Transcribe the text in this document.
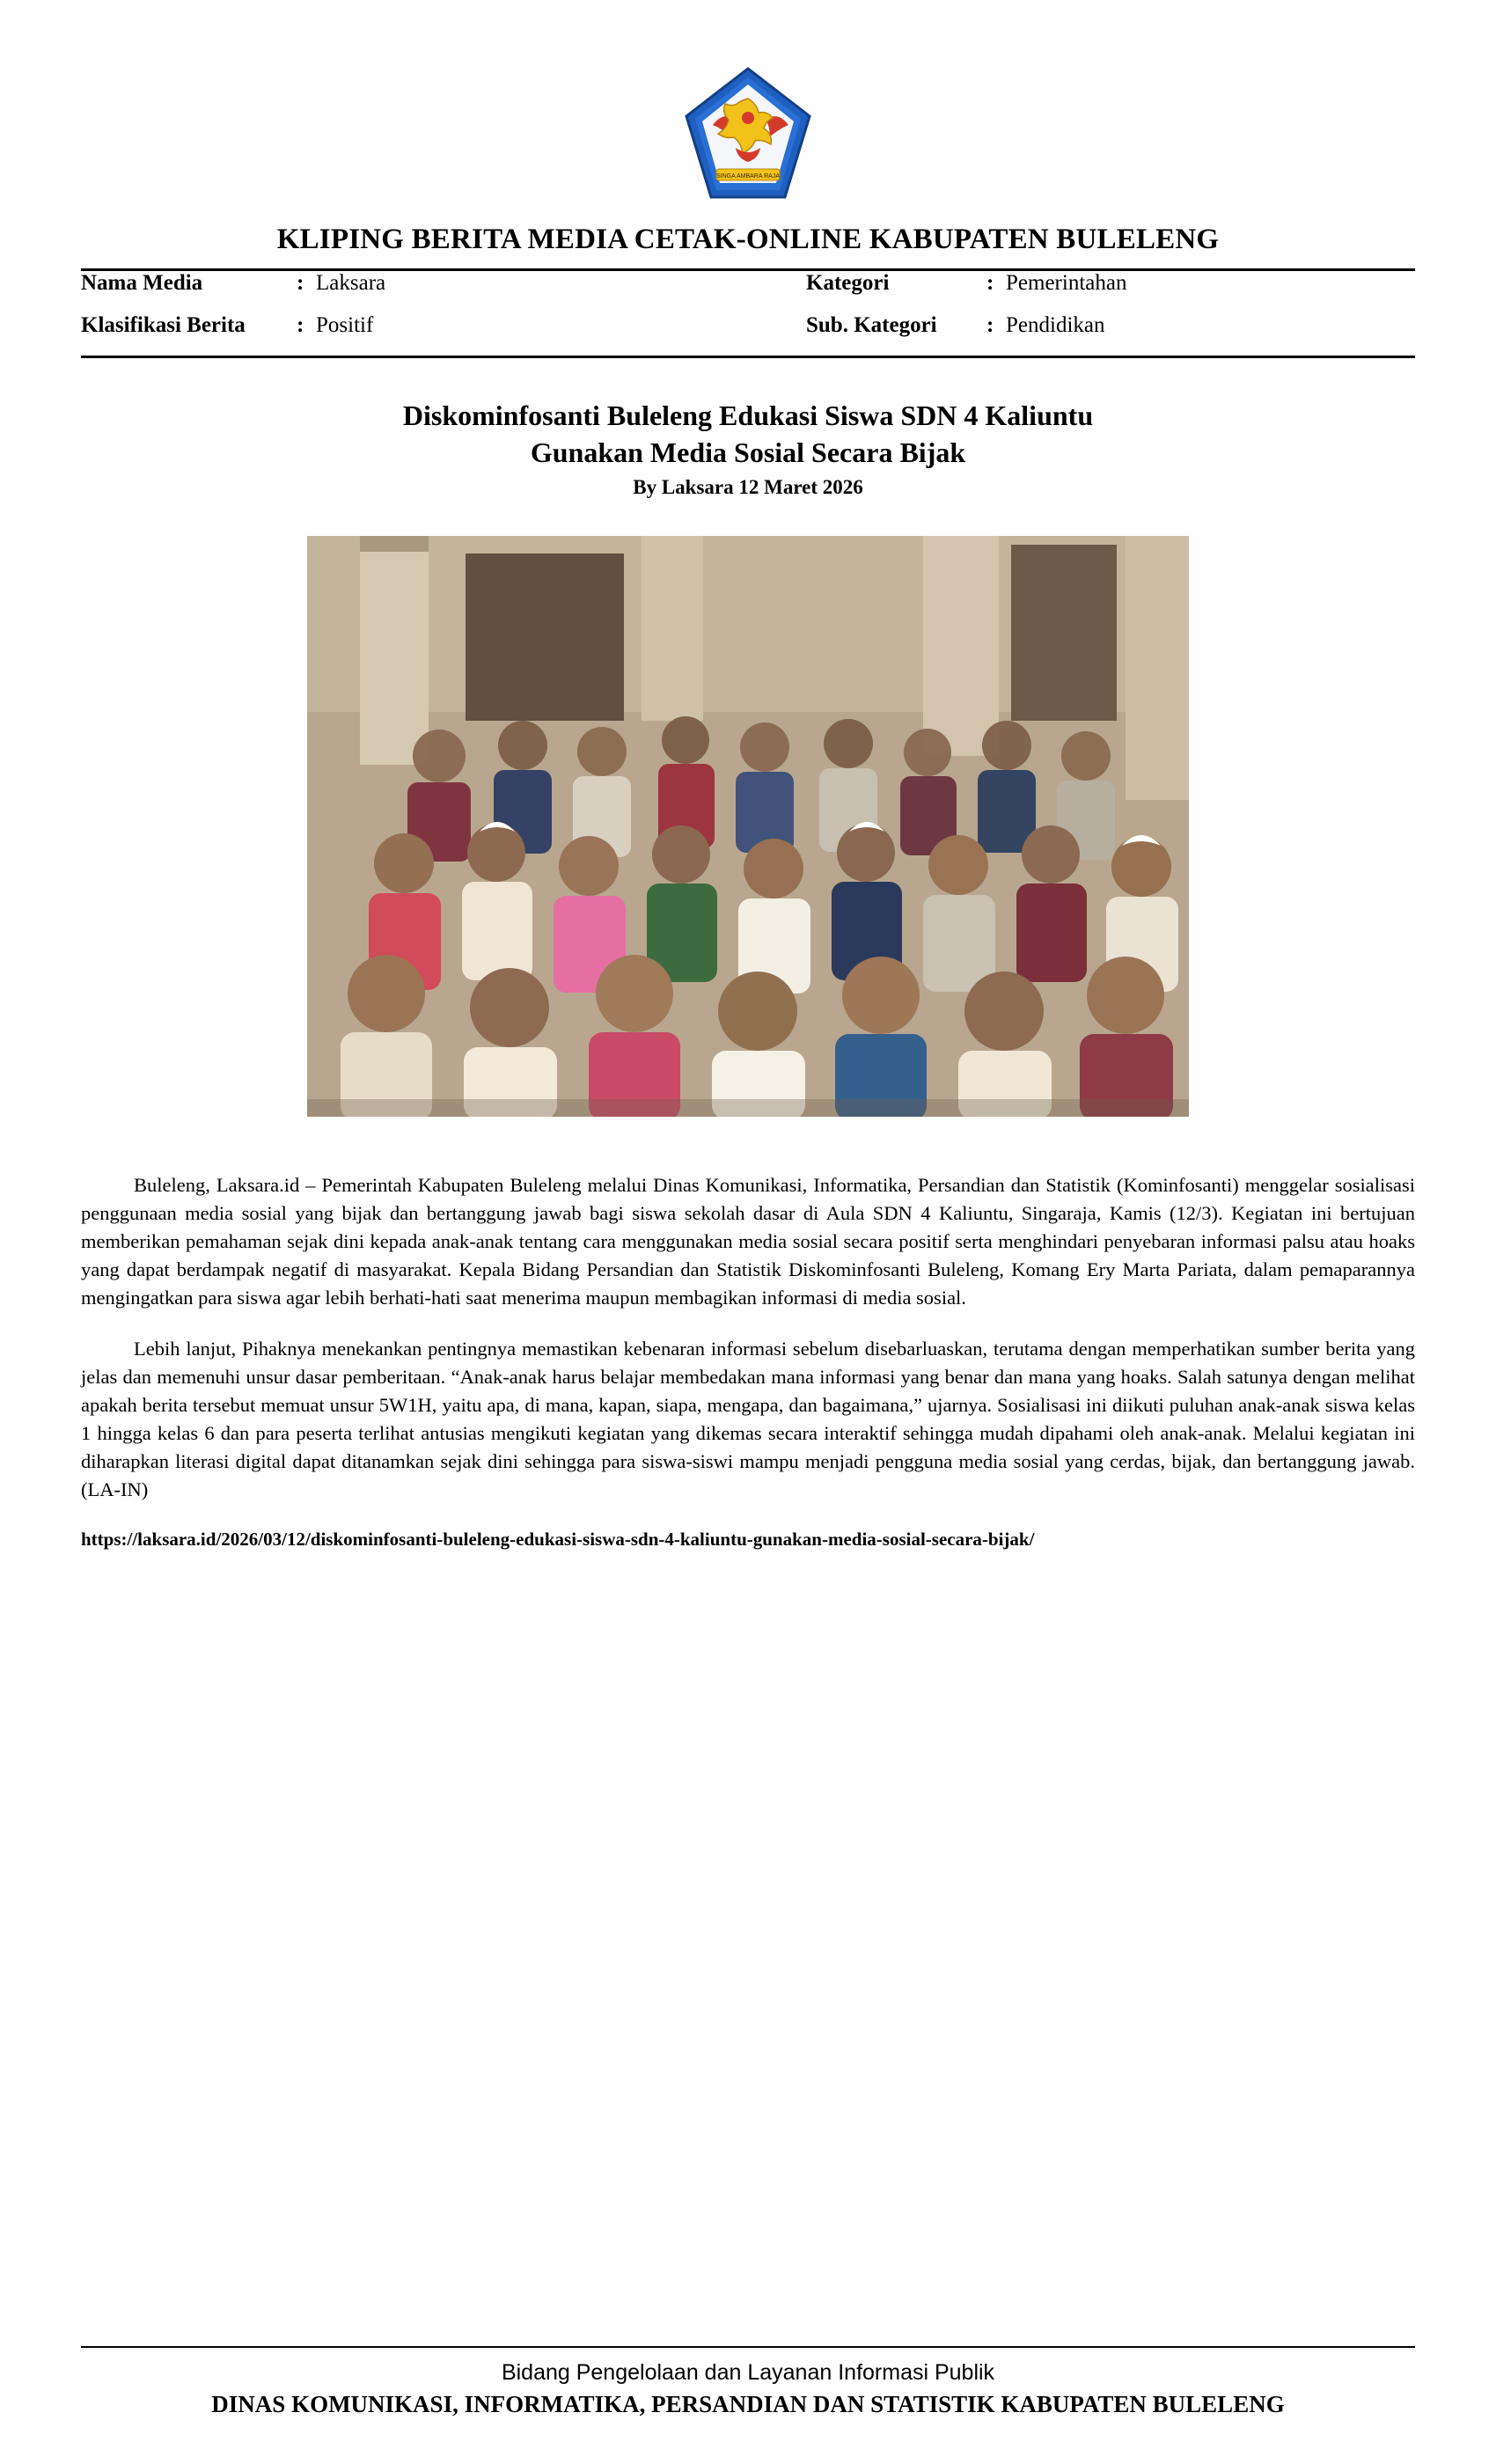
SINGA AMBARA RAJA
KLIPING BERITA MEDIA CETAK-ONLINE KABUPATEN BULELENG
Nama Media	: Laksara
Klasifikasi Berita	: Positif
Kategori	: Pemerintahan
Sub. Kategori	: Pendidikan
Diskominfosanti Buleleng Edukasi Siswa SDN 4 Kaliuntu
Gunakan Media Sosial Secara Bijak
By Laksara 12 Maret 2026

Buleleng, Laksara.id – Pemerintah Kabupaten Buleleng melalui Dinas Komunikasi, Informatika, Persandian dan Statistik (Kominfosanti) menggelar sosialisasi penggunaan media sosial yang bijak dan bertanggung jawab bagi siswa sekolah dasar di Aula SDN 4 Kaliuntu, Singaraja, Kamis (12/3). Kegiatan ini bertujuan memberikan pemahaman sejak dini kepada anak-anak tentang cara menggunakan media sosial secara positif serta menghindari penyebaran informasi palsu atau hoaks yang dapat berdampak negatif di masyarakat. Kepala Bidang Persandian dan Statistik Diskominfosanti Buleleng, Komang Ery Marta Pariata, dalam pemaparannya mengingatkan para siswa agar lebih berhati-hati saat menerima maupun membagikan informasi di media sosial.

Lebih lanjut, Pihaknya menekankan pentingnya memastikan kebenaran informasi sebelum disebarluaskan, terutama dengan memperhatikan sumber berita yang jelas dan memenuhi unsur dasar pemberitaan. “Anak-anak harus belajar membedakan mana informasi yang benar dan mana yang hoaks. Salah satunya dengan melihat apakah berita tersebut memuat unsur 5W1H, yaitu apa, di mana, kapan, siapa, mengapa, dan bagaimana,” ujarnya. Sosialisasi ini diikuti puluhan anak-anak siswa kelas 1 hingga kelas 6 dan para peserta terlihat antusias mengikuti kegiatan yang dikemas secara interaktif sehingga mudah dipahami oleh anak-anak. Melalui kegiatan ini diharapkan literasi digital dapat ditanamkan sejak dini sehingga para siswa-siswi mampu menjadi pengguna media sosial yang cerdas, bijak, dan bertanggung jawab. (LA-IN)

https://laksara.id/2026/03/12/diskominfosanti-buleleng-edukasi-siswa-sdn-4-kaliuntu-gunakan-media-sosial-secara-bijak/
Bidang Pengelolaan dan Layanan Informasi Publik
DINAS KOMUNIKASI, INFORMATIKA, PERSANDIAN DAN STATISTIK KABUPATEN BULELENG
